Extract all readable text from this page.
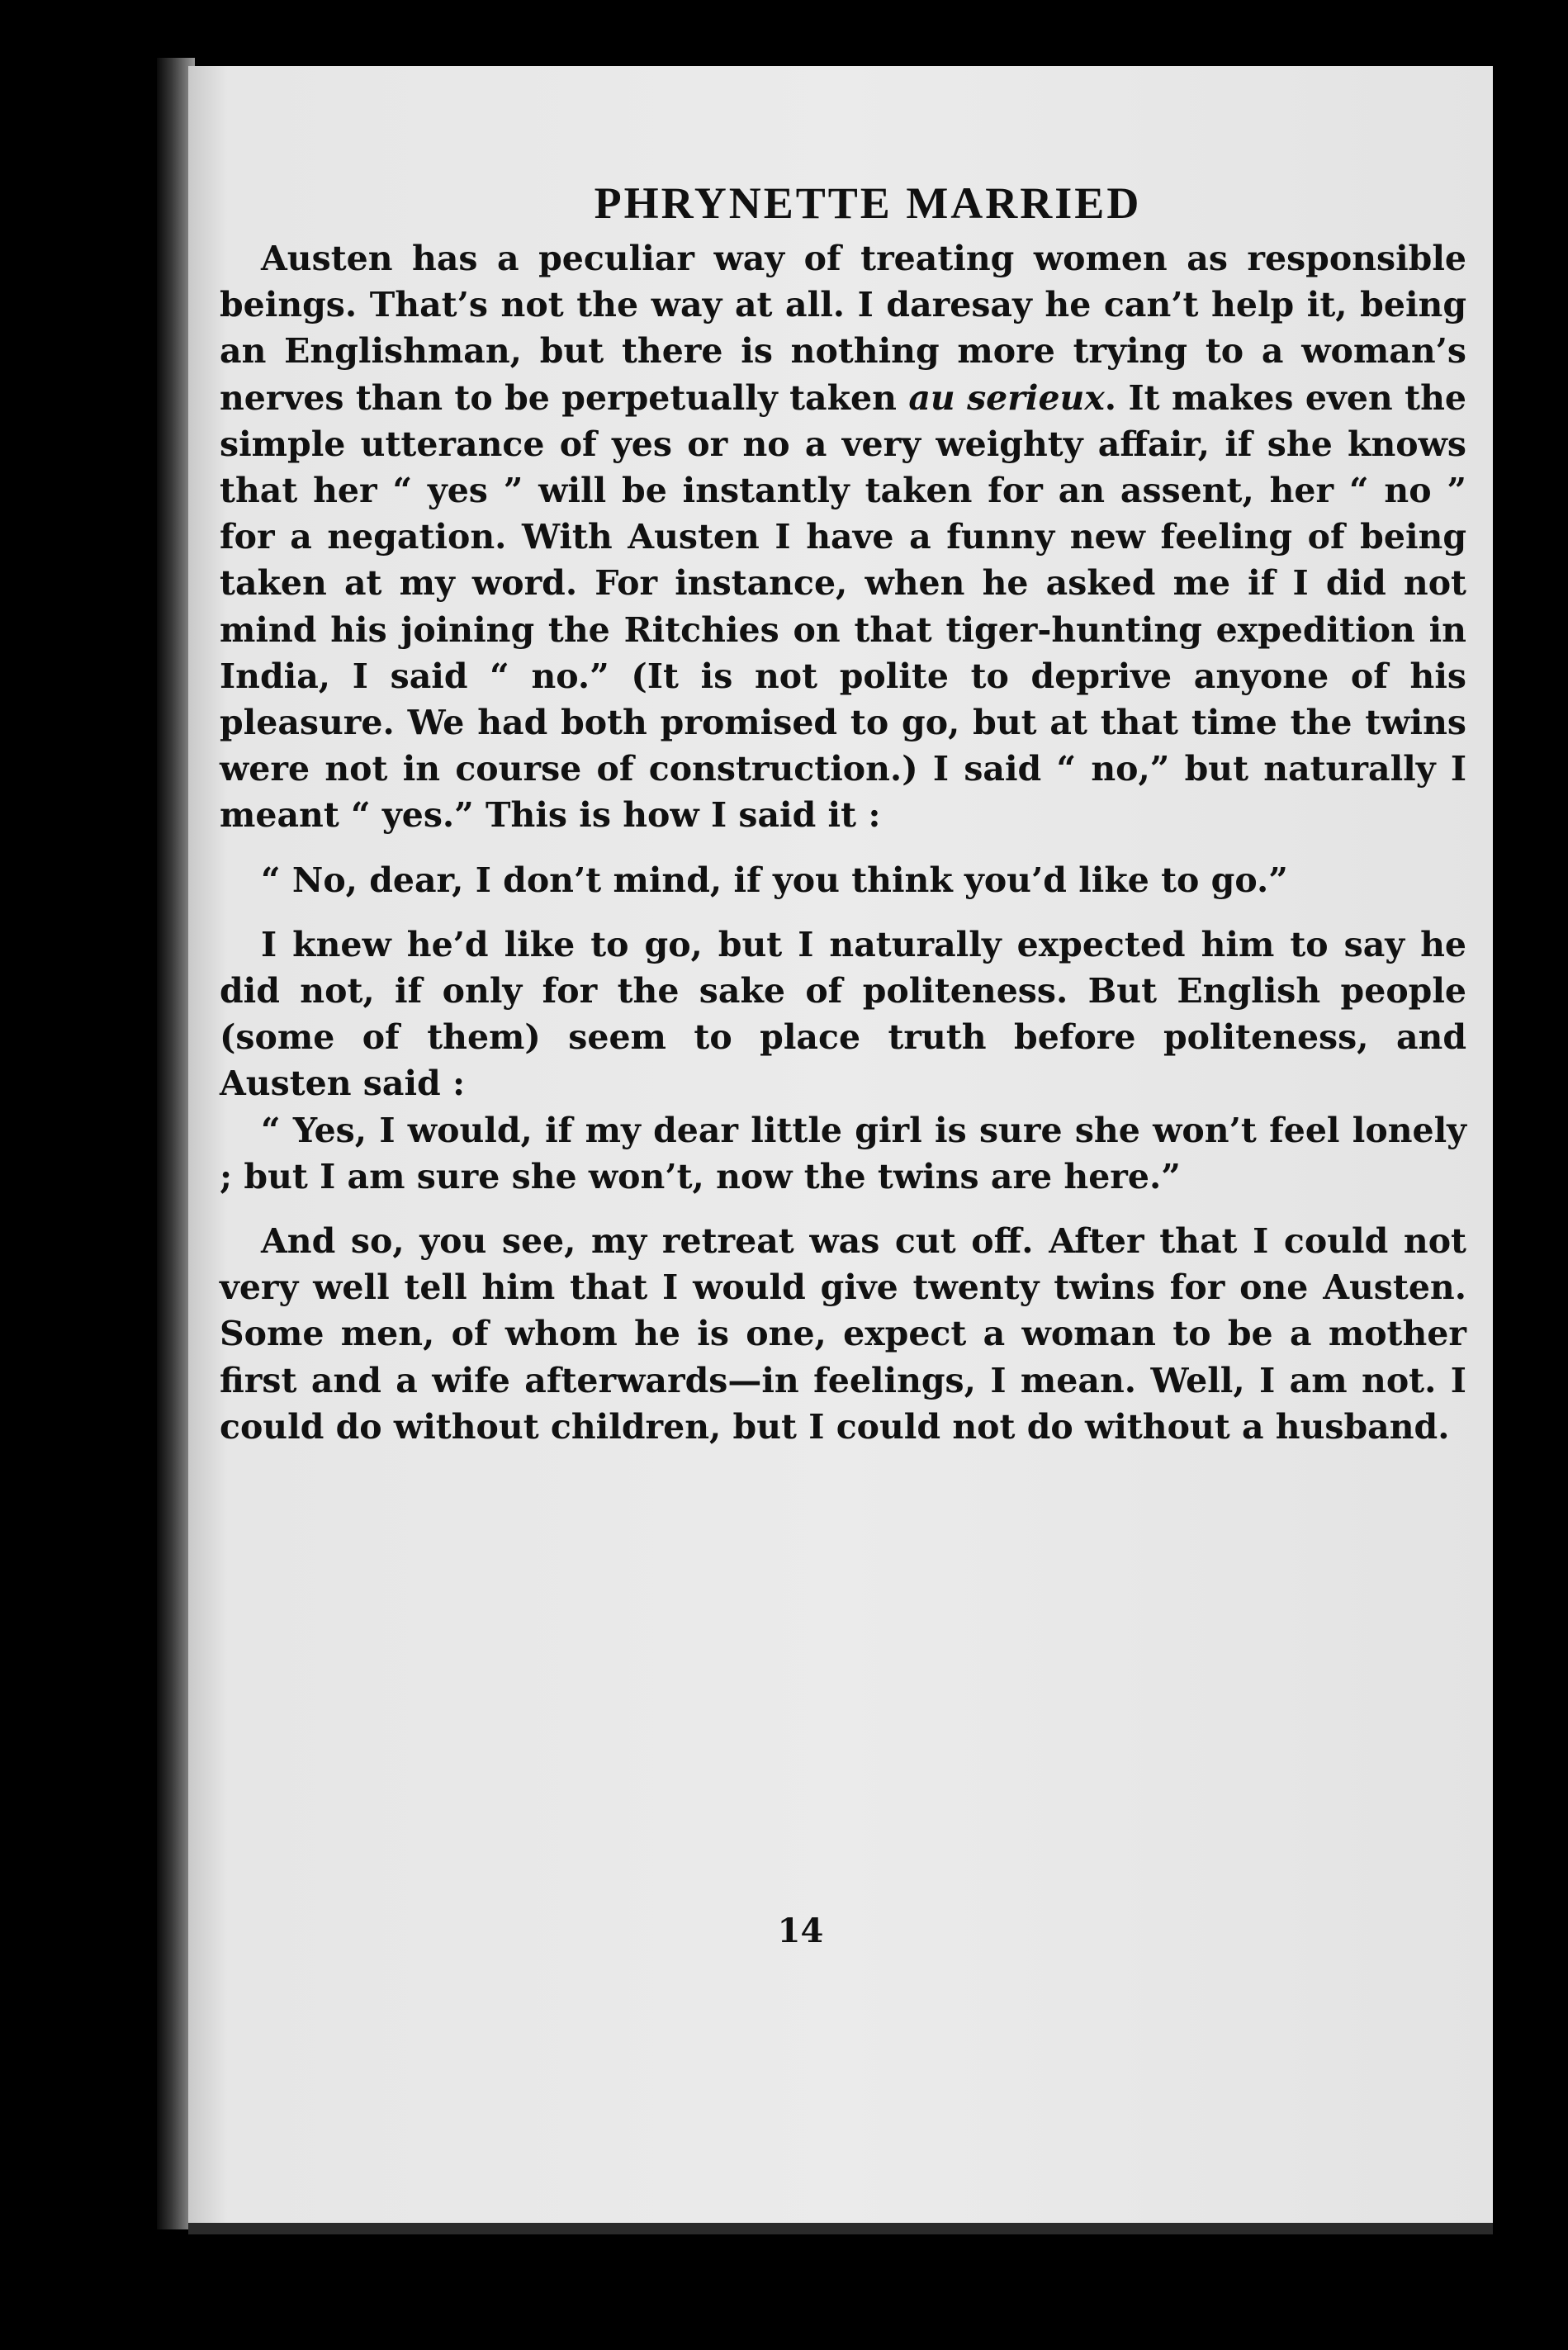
PHRYNETTE MARRIED

Austen has a peculiar way of treating women as responsible beings. That’s not the way at all. I daresay he can’t help it, being an Englishman, but there is nothing more trying to a woman’s nerves than to be perpetually taken au serieux. It makes even the simple utterance of yes or no a very weighty affair, if she knows that her “ yes ” will be instantly taken for an assent, her “ no ” for a negation. With Austen I have a funny new feeling of being taken at my word. For instance, when he asked me if I did not mind his joining the Ritchies on that tiger-hunting expedition in India, I said “ no.” (It is not polite to deprive anyone of his pleasure. We had both promised to go, but at that time the twins were not in course of construction.) I said “ no,” but naturally I meant “ yes.” This is how I said it :

“ No, dear, I don’t mind, if you think you’d like to go.”

I knew he’d like to go, but I naturally expected him to say he did not, if only for the sake of politeness. But English people (some of them) seem to place truth before politeness, and Austen said :

“ Yes, I would, if my dear little girl is sure she won’t feel lonely ; but I am sure she won’t, now the twins are here.”

And so, you see, my retreat was cut off. After that I could not very well tell him that I would give twenty twins for one Austen. Some men, of whom he is one, expect a woman to be a mother first and a wife afterwards—in feelings, I mean. Well, I am not. I could do without children, but I could not do without a husband.

14
